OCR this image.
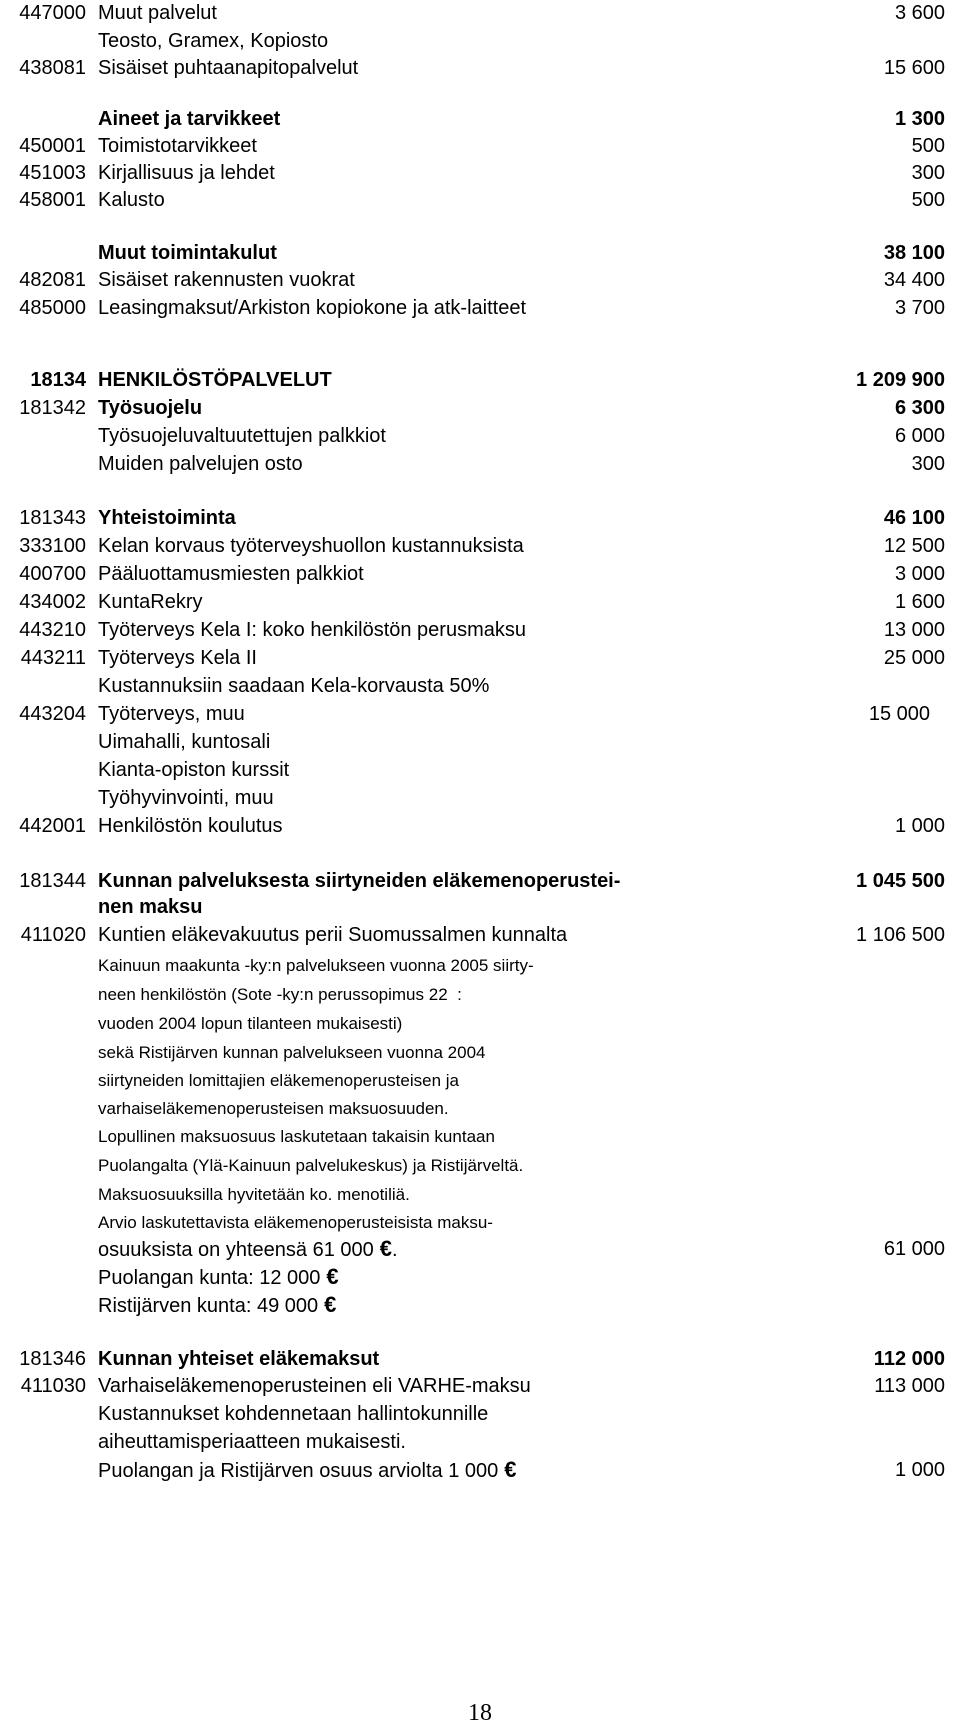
447000 Muut palvelut	3 600
Teosto, Gramex, Kopiosto
438081 Sisäiset puhtaanapitopalvelut	15 600
Aineet ja tarvikkeet	1 300
450001 Toimistotarvikkeet	500
451003 Kirjallisuus ja lehdet	300
458001 Kalusto	500
Muut toimintakulut	38 100
482081 Sisäiset rakennusten vuokrat	34 400
485000 Leasingmaksut/Arkiston kopiokone ja atk-laitteet	3 700
18134 HENKILÖSTÖPALVELUT	1 209 900
181342 Työsuojelu	6 300
Työsuojeluvaltuutettujen palkkiot	6 000
Muiden palvelujen osto	300
181343 Yhteistoiminta	46 100
333100 Kelan korvaus työterveyshuollon kustannuksista	12 500
400700 Pääluottamusmiesten palkkiot	3 000
434002 KuntaRekry	1 600
443210 Työterveys Kela I: koko henkilöstön perusmaksu	13 000
443211 Työterveys Kela II	25 000
Kustannuksiin saadaan Kela-korvausta 50%
443204 Työterveys, muu	15 000
Uimahalli, kuntosali
Kianta-opiston kurssit
Työhyvinvointi, muu
442001 Henkilöstön koulutus	1 000
181344 Kunnan palveluksesta siirtyneiden eläkemenoperustei-	1 045 500
nen maksu
411020 Kuntien eläkevakuutus perii Suomussalmen kunnalta	1 106 500
Kainuun maakunta -ky:n palvelukseen vuonna 2005 siirty-
neen henkilöstön (Sote -ky:n perussopimus 22  :
vuoden 2004 lopun tilanteen mukaisesti)
sekä Ristijärven kunnan palvelukseen vuonna 2004
siirtyneiden lomittajien eläkemenoperusteisen ja
varhaiseläkemenoperusteisen maksuosuuden.
Lopullinen maksuosuus laskutetaan takaisin kuntaan
Puolangalta (Ylä-Kainuun palvelukeskus) ja Ristijärveltä.
Maksuosuuksilla hyvitetään ko. menotiliä.
Arvio laskutettavista eläkemenoperusteisista maksu-
osuuksista on yhteensä 61 000 €.	61 000
Puolangan kunta: 12 000 €
Ristijärven kunta: 49 000 €
181346 Kunnan yhteiset eläkemaksut	112 000
411030 Varhaiseläkemenoperusteinen eli VARHE-maksu	113 000
Kustannukset kohdennetaan hallintokunnille
aiheuttamisperiaatteen mukaisesti.
Puolangan ja Ristijärven osuus arviolta 1 000 €	1 000
18
